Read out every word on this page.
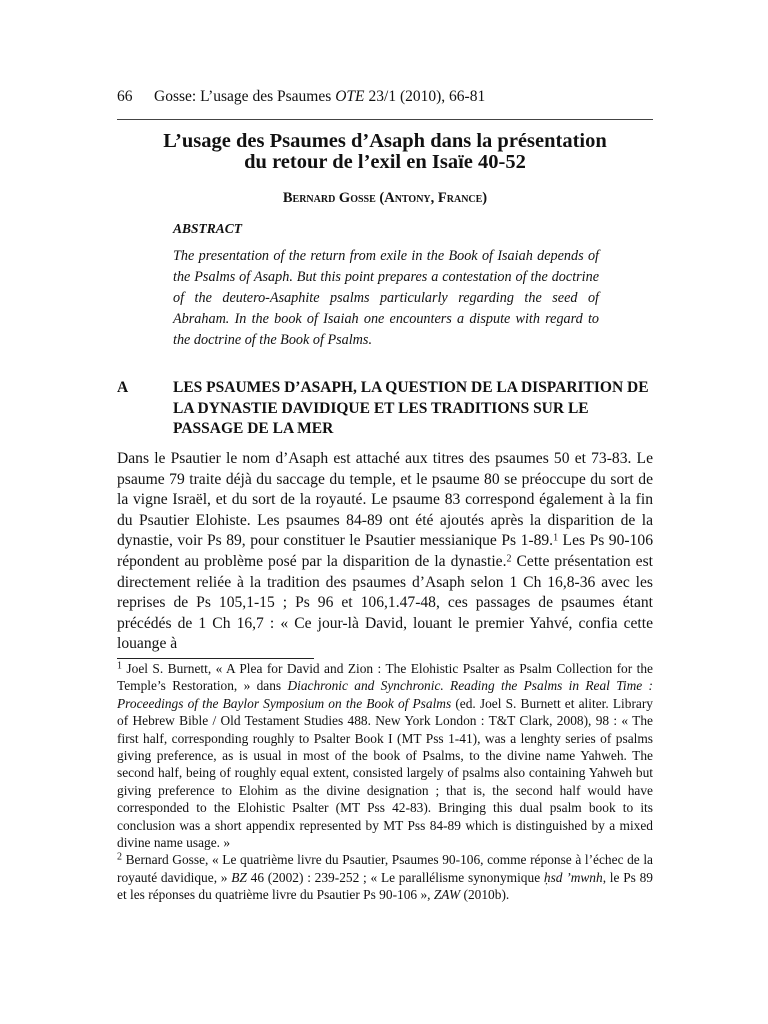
66	Gosse: L’usage des Psaumes OTE 23/1 (2010), 66-81
L’usage des Psaumes d’Asaph dans la présentation
du retour de l’exil en Isaïe 40-52
Bernard Gosse (Antony, France)
ABSTRACT
The presentation of the return from exile in the Book of Isaiah depends of the Psalms of Asaph. But this point prepares a contestation of the doctrine of the deutero-Asaphite psalms particularly regarding the seed of Abraham. In the book of Isaiah one encounters a dispute with regard to the doctrine of the Book of Psalms.
A	LES PSAUMES D’ASAPH, LA QUESTION DE LA DISPARITION DE LA DYNASTIE DAVIDIQUE ET LES TRADITIONS SUR LE PASSAGE DE LA MER
Dans le Psautier le nom d’Asaph est attaché aux titres des psaumes 50 et 73-83. Le psaume 79 traite déjà du saccage du temple, et le psaume 80 se préoccupe du sort de la vigne Israël, et du sort de la royauté. Le psaume 83 correspond également à la fin du Psautier Elohiste. Les psaumes 84-89 ont été ajoutés après la disparition de la dynastie, voir Ps 89, pour constituer le Psautier messianique Ps 1-89.$^1$ Les Ps 90-106 répondent au problème posé par la disparition de la dynastie.$^2$ Cette présentation est directement reliée à la tradition des psaumes d’Asaph selon 1 Ch 16,8-36 avec les reprises de Ps 105,1-15 ; Ps 96 et 106,1.47-48, ces passages de psaumes étant précédés de 1 Ch 16,7 : « Ce jour-là David, louant le premier Yahvé, confia cette louange à

$^1$ Joel S. Burnett, « A Plea for David and Zion : The Elohistic Psalter as Psalm Collection for the Temple’s Restoration, » dans Diachronic and Synchronic. Reading the Psalms in Real Time : Proceedings of the Baylor Symposium on the Book of Psalms (ed. Joel S. Burnett et aliter. Library of Hebrew Bible / Old Testament Studies 488. New York London : T&T Clark, 2008), 98 : « The first half, corresponding roughly to Psalter Book I (MT Pss 1-41), was a lenghty series of psalms giving preference, as is usual in most of the book of Psalms, to the divine name Yahweh. The second half, being of roughly equal extent, consisted largely of psalms also containing Yahweh but giving preference to Elohim as the divine designation ; that is, the second half would have corresponded to the Elohistic Psalter (MT Pss 42-83). Bringing this dual psalm book to its conclusion was a short appendix represented by MT Pss 84-89 which is distinguished by a mixed divine name usage. »

$^2$ Bernard Gosse, « Le quatrième livre du Psautier, Psaumes 90-106, comme réponse à l’échec de la royauté davidique, » BZ 46 (2002) : 239-252 ; « Le parallélisme synonymique ḥsd ’mwnh, le Ps 89 et les réponses du quatrième livre du Psautier Ps 90-106 », ZAW (2010b).
